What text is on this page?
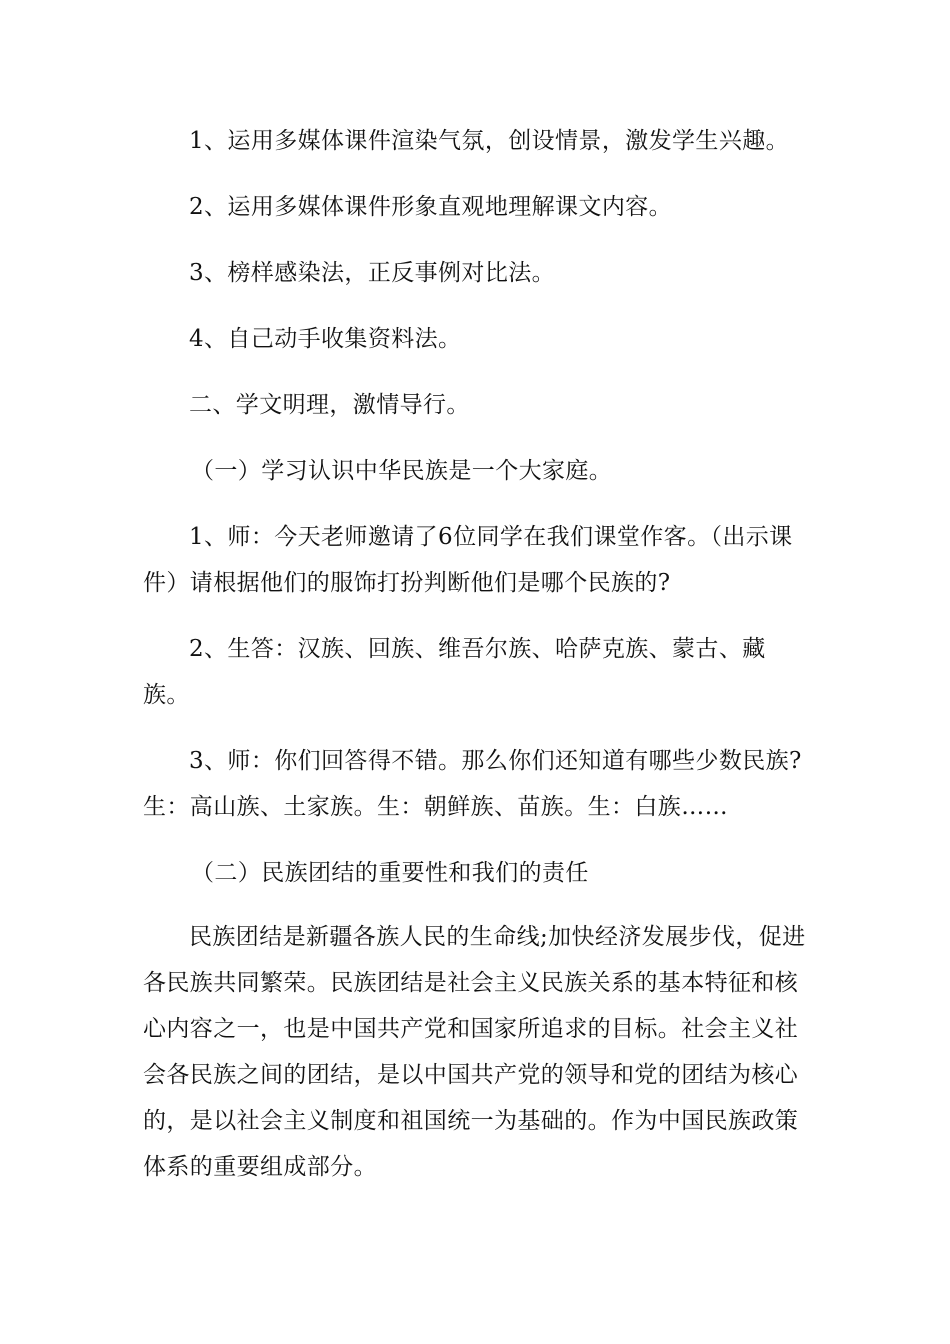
1、运用多媒体课件渲染气氛，创设情景，激发学生兴趣。

2、运用多媒体课件形象直观地理解课文内容。

3、榜样感染法，正反事例对比法。

4、自己动手收集资料法。

二、学文明理，激情导行。

（一）学习认识中华民族是一个大家庭。

1、师：今天老师邀请了6位同学在我们课堂作客。（出示课件）请根据他们的服饰打扮判断他们是哪个民族的?

2、生答：汉族、回族、维吾尔族、哈萨克族、蒙古、藏族。

3、师：你们回答得不错。那么你们还知道有哪些少数民族?生：高山族、土家族。生：朝鲜族、苗族。生：白族……

（二）民族团结的重要性和我们的责任

民族团结是新疆各族人民的生命线;加快经济发展步伐，促进各民族共同繁荣。民族团结是社会主义民族关系的基本特征和核心内容之一，也是中国共产党和国家所追求的目标。社会主义社会各民族之间的团结，是以中国共产党的领导和党的团结为核心的，是以社会主义制度和祖国统一为基础的。作为中国民族政策体系的重要组成部分。
